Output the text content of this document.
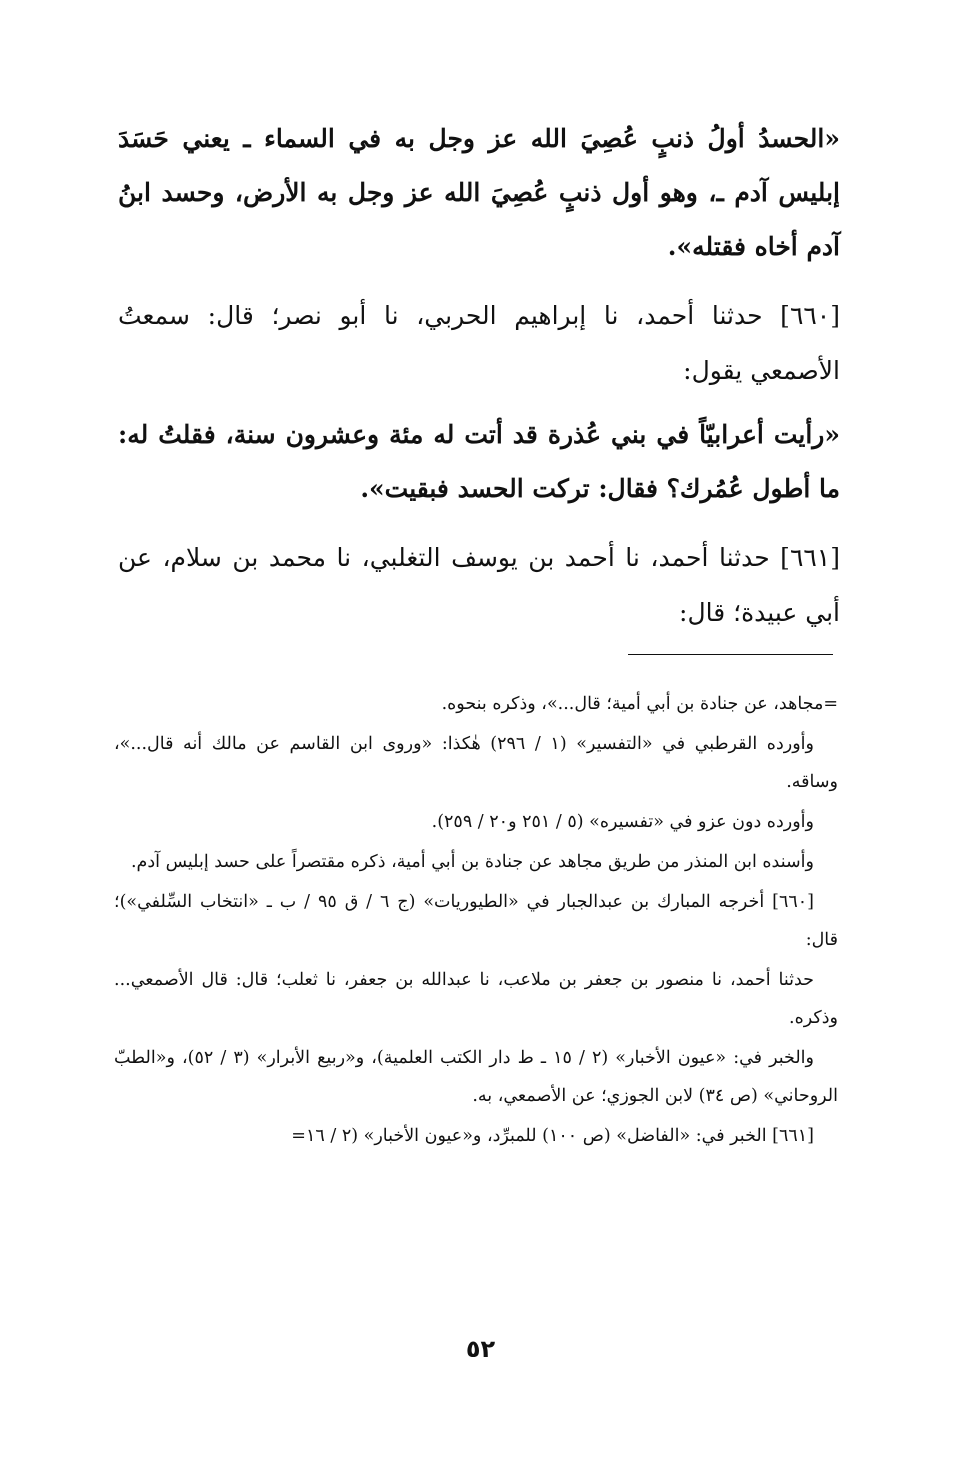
«الحسدُ أولُ ذنبٍ عُصِيَ الله عز وجل به في السماء ـ يعني حَسَدَ إبليس آدم ـ، وهو أول ذنبٍ عُصِيَ الله عز وجل به الأرض، وحسد ابنُ آدم أخاه فقتله».

[٦٦٠] حدثنا أحمد، نا إبراهيم الحربي، نا أبو نصر؛ قال: سمعتُ الأصمعي يقول:

«رأيت أعرابيّاً في بني عُذرة قد أتت له مئة وعشرون سنة، فقلتُ له: ما أطول عُمُرك؟ فقال: تركت الحسد فبقيت».

[٦٦١] حدثنا أحمد، نا أحمد بن يوسف التغلبي، نا محمد بن سلام، عن أبي عبيدة؛ قال:

=مجاهد، عن جنادة بن أبي أمية؛ قال...»، وذكره بنحوه.

وأورده القرطبي في «التفسير» (١ / ٢٩٦) هٰكذا: «وروى ابن القاسم عن مالك أنه قال...»، وساقه.

وأورده دون عزو في «تفسيره» (٥ / ٢٥١ و٢٠ / ٢٥٩).

وأسنده ابن المنذر من طريق مجاهد عن جنادة بن أبي أمية، ذكره مقتصراً على حسد إبليس آدم.

[٦٦٠] أخرجه المبارك بن عبدالجبار في «الطيوريات» (ج ٦ / ق ٩٥ / ب ـ «انتخاب السِّلفي»)؛ قال:

حدثنا أحمد، نا منصور بن جعفر بن ملاعب، نا عبدالله بن جعفر، نا ثعلب؛ قال: قال الأصمعي... وذكره.

والخبر في: «عيون الأخبار» (٢ / ١٥ ـ ط دار الكتب العلمية)، و«ربيع الأبرار» (٣ / ٥٢)، و«الطبّ الروحاني» (ص ٣٤) لابن الجوزي؛ عن الأصمعي، به.

[٦٦١] الخبر في: «الفاضل» (ص ١٠٠) للمبرِّد، و«عيون الأخبار» (٢ / ١٦=

٥٢
